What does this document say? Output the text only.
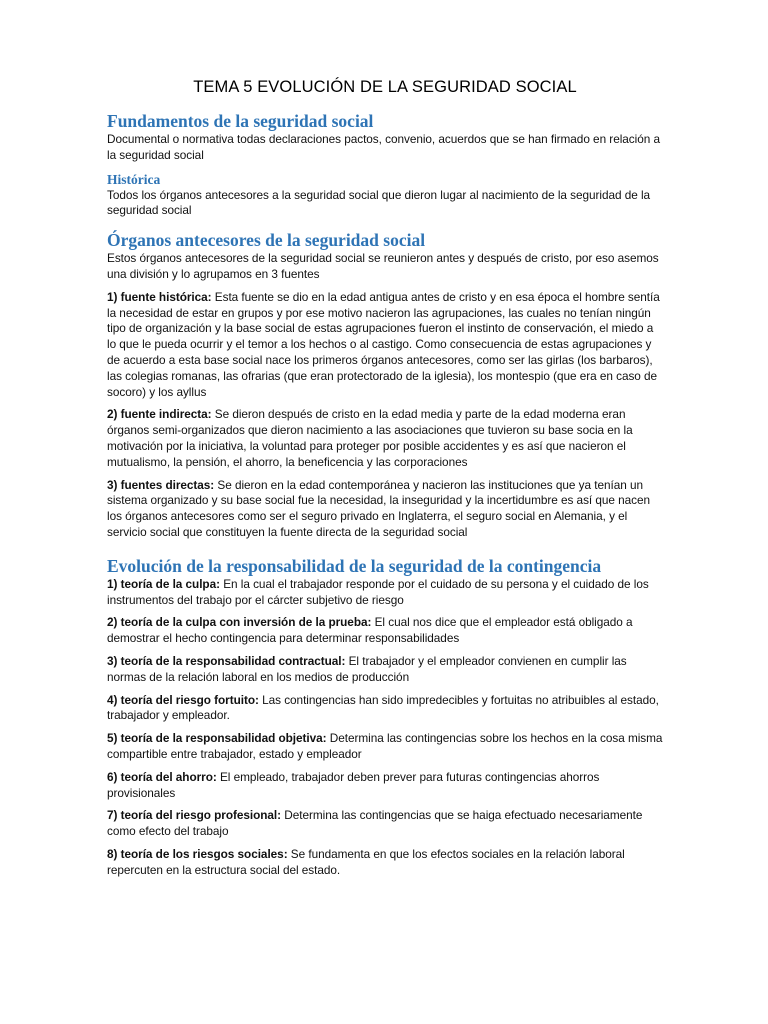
TEMA 5 EVOLUCIÓN DE LA SEGURIDAD SOCIAL
Fundamentos de la seguridad social

Documental o normativa todas declaraciones pactos, convenio, acuerdos que se han firmado en relación a la seguridad social

Histórica

Todos los órganos antecesores a la seguridad social que dieron lugar al nacimiento de la seguridad de la seguridad social

Órganos antecesores de la seguridad social

Estos órganos antecesores de la seguridad social se reunieron antes y después de cristo, por eso asemos una división y lo agrupamos en 3 fuentes

1) fuente histórica: Esta fuente se dio en la edad antigua antes de cristo y en esa época el hombre sentía la necesidad de estar en grupos y por ese motivo nacieron las agrupaciones, las cuales no tenían ningún tipo de organización y la base social de estas agrupaciones fueron el instinto de conservación, el miedo a lo que le pueda ocurrir y el temor a los hechos o al castigo. Como consecuencia de estas agrupaciones y de acuerdo a esta base social nace los primeros órganos antecesores, como ser las girlas (los barbaros), las colegias romanas, las ofrarias (que eran protectorado de la iglesia), los montespio (que era en caso de socoro) y los ayllus

2) fuente indirecta: Se dieron después de cristo en la edad media y parte de la edad moderna eran órganos semi-organizados que dieron nacimiento a las asociaciones que tuvieron su base socia en la motivación por la iniciativa, la voluntad para proteger por posible accidentes y es así que nacieron el mutualismo, la pensión, el ahorro, la beneficencia y las corporaciones

3) fuentes directas: Se dieron en la edad contemporánea y nacieron las instituciones que ya tenían un sistema organizado y su base social fue la necesidad, la inseguridad y la incertidumbre es así que nacen los órganos antecesores como ser el seguro privado en Inglaterra, el seguro social en Alemania, y el servicio social que constituyen la fuente directa de la seguridad social

Evolución de la responsabilidad de la seguridad de la contingencia

1) teoría de la culpa: En la cual el trabajador responde por el cuidado de su persona y el cuidado de los instrumentos del trabajo por el cárcter subjetivo de riesgo

2) teoría de la culpa con inversión de la prueba: El cual nos dice que el empleador está obligado a demostrar el hecho contingencia para determinar responsabilidades

3) teoría de la responsabilidad contractual: El trabajador y el empleador convienen en cumplir las normas de la relación laboral en los medios de producción

4) teoría del riesgo fortuito: Las contingencias han sido impredecibles y fortuitas no atribuibles al estado, trabajador y empleador.

5) teoría de la responsabilidad objetiva: Determina las contingencias sobre los hechos en la cosa misma compartible entre trabajador, estado y empleador

6) teoría del ahorro: El empleado, trabajador deben prever para futuras contingencias ahorros provisionales

7) teoría del riesgo profesional: Determina las contingencias que se haiga efectuado necesariamente como efecto del trabajo

8) teoría de los riesgos sociales: Se fundamenta en que los efectos sociales en la relación laboral repercuten en la estructura social del estado.
